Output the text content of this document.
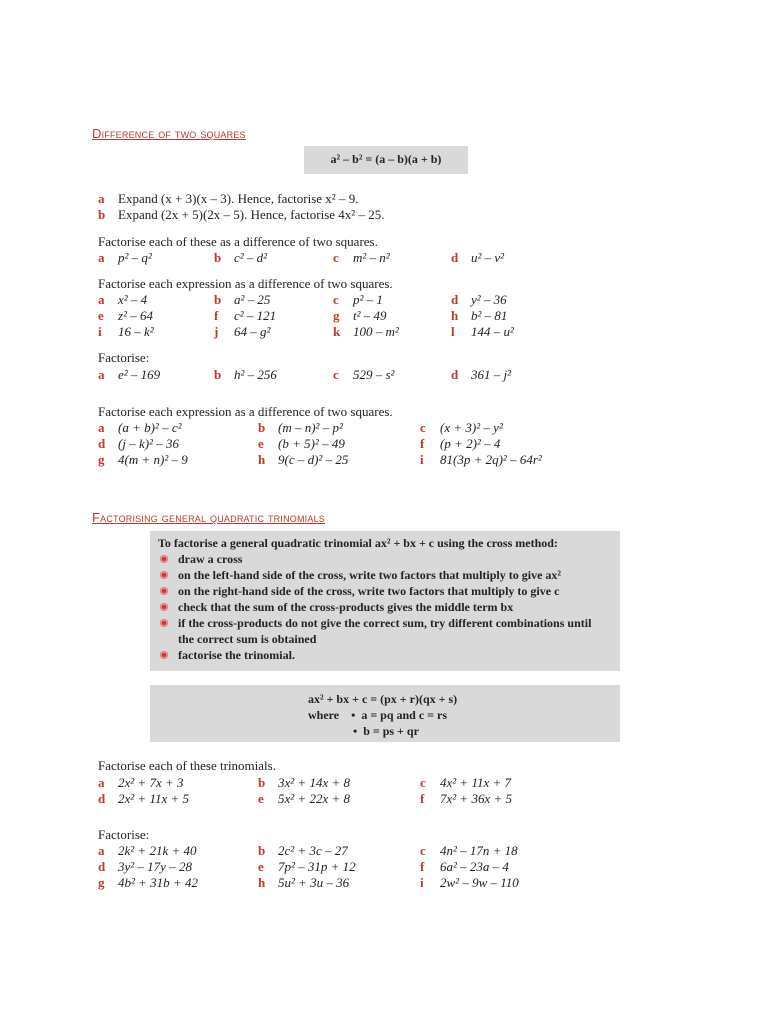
Difference of two squares
a² – b² = (a – b)(a + b)
a Expand (x + 3)(x – 3). Hence, factorise x² – 9.
b Expand (2x + 5)(2x – 5). Hence, factorise 4x² – 25.
Factorise each of these as a difference of two squares.
a p² – q²	b c² – d²	c m² – n²	d u² – v²
Factorise each expression as a difference of two squares.
a x² – 4	b a² – 25	c p² – 1	d y² – 36
e z² – 64	f c² – 121	g t² – 49	h b² – 81
i 16 – k²	j 64 – g²	k 100 – m²	l 144 – u²
Factorise:
a e² – 169	b h² – 256	c 529 – s²	d 361 – j²
Factorise each expression as a difference of two squares.
a (a + b)² – c²	b (m – n)² – p²	c (x + 3)² – y²
d (j – k)² – 36	e (b + 5)² – 49	f (p + 2)² – 4
g 4(m + n)² – 9	h 9(c – d)² – 25	i 81(3p + 2q)² – 64r²
Factorising general quadratic trinomials
To factorise a general quadratic trinomial ax² + bx + c using the cross method:
draw a cross
on the left-hand side of the cross, write two factors that multiply to give ax²
on the right-hand side of the cross, write two factors that multiply to give c
check that the sum of the cross-products gives the middle term bx
if the cross-products do not give the correct sum, try different combinations until
the correct sum is obtained
factorise the trinomial.
ax² + bx + c = (px + r)(qx + s)
where • a = pq and c = rs
• b = ps + qr
Factorise each of these trinomials.
a 2x² + 7x + 3	b 3x² + 14x + 8	c 4x² + 11x + 7
d 2x² + 11x + 5	e 5x² + 22x + 8	f 7x² + 36x + 5
Factorise:
a 2k² + 21k + 40	b 2c² + 3c – 27	c 4n² – 17n + 18
d 3y² – 17y – 28	e 7p² – 31p + 12	f 6a² – 23a – 4
g 4b² + 31b + 42	h 5u² + 3u – 36	i 2w² – 9w – 110
